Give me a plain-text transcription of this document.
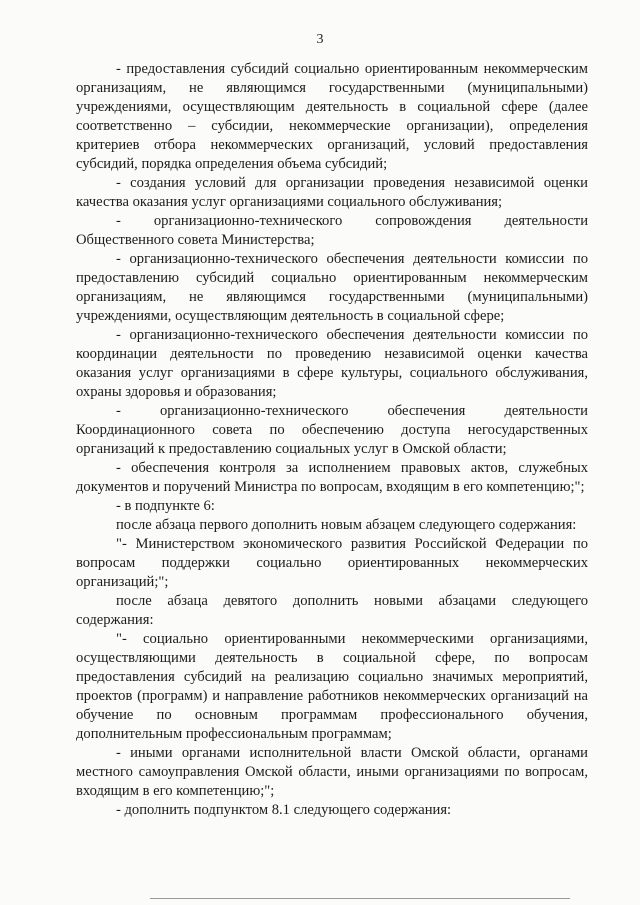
3

- предоставления субсидий социально ориентированным некоммерческим организациям, не являющимся государственными (муниципальными) учреждениями, осуществляющим деятельность в социальной сфере (далее соответственно – субсидии, некоммерческие организации), определения критериев отбора некоммерческих организаций, условий предоставления субсидий, порядка определения объема субсидий;

- создания условий для организации проведения независимой оценки качества оказания услуг организациями социального обслуживания;

- организационно-технического сопровождения деятельности Общественного совета Министерства;

- организационно-технического обеспечения деятельности комиссии по предоставлению субсидий социально ориентированным некоммерческим организациям, не являющимся государственными (муниципальными) учреждениями, осуществляющим деятельность в социальной сфере;

- организационно-технического обеспечения деятельности комиссии по координации деятельности по проведению независимой оценки качества оказания услуг организациями в сфере культуры, социального обслуживания, охраны здоровья и образования;

- организационно-технического обеспечения деятельности Координационного совета по обеспечению доступа негосударственных организаций к предоставлению социальных услуг в Омской области;

- обеспечения контроля за исполнением правовых актов, служебных документов и поручений Министра по вопросам, входящим в его компетенцию;";

- в подпункте 6:

после абзаца первого дополнить новым абзацем следующего содержания:

"- Министерством экономического развития Российской Федерации по вопросам поддержки социально ориентированных некоммерческих организаций;";

после абзаца девятого дополнить новыми абзацами следующего содержания:

"- социально ориентированными некоммерческими организациями, осуществляющими деятельность в социальной сфере, по вопросам предоставления субсидий на реализацию социально значимых мероприятий, проектов (программ) и направление работников некоммерческих организаций на обучение по основным программам профессионального обучения, дополнительным профессиональным программам;

- иными органами исполнительной власти Омской области, органами местного самоуправления Омской области, иными организациями по вопросам, входящим в его компетенцию;";

- дополнить подпунктом 8.1 следующего содержания:
